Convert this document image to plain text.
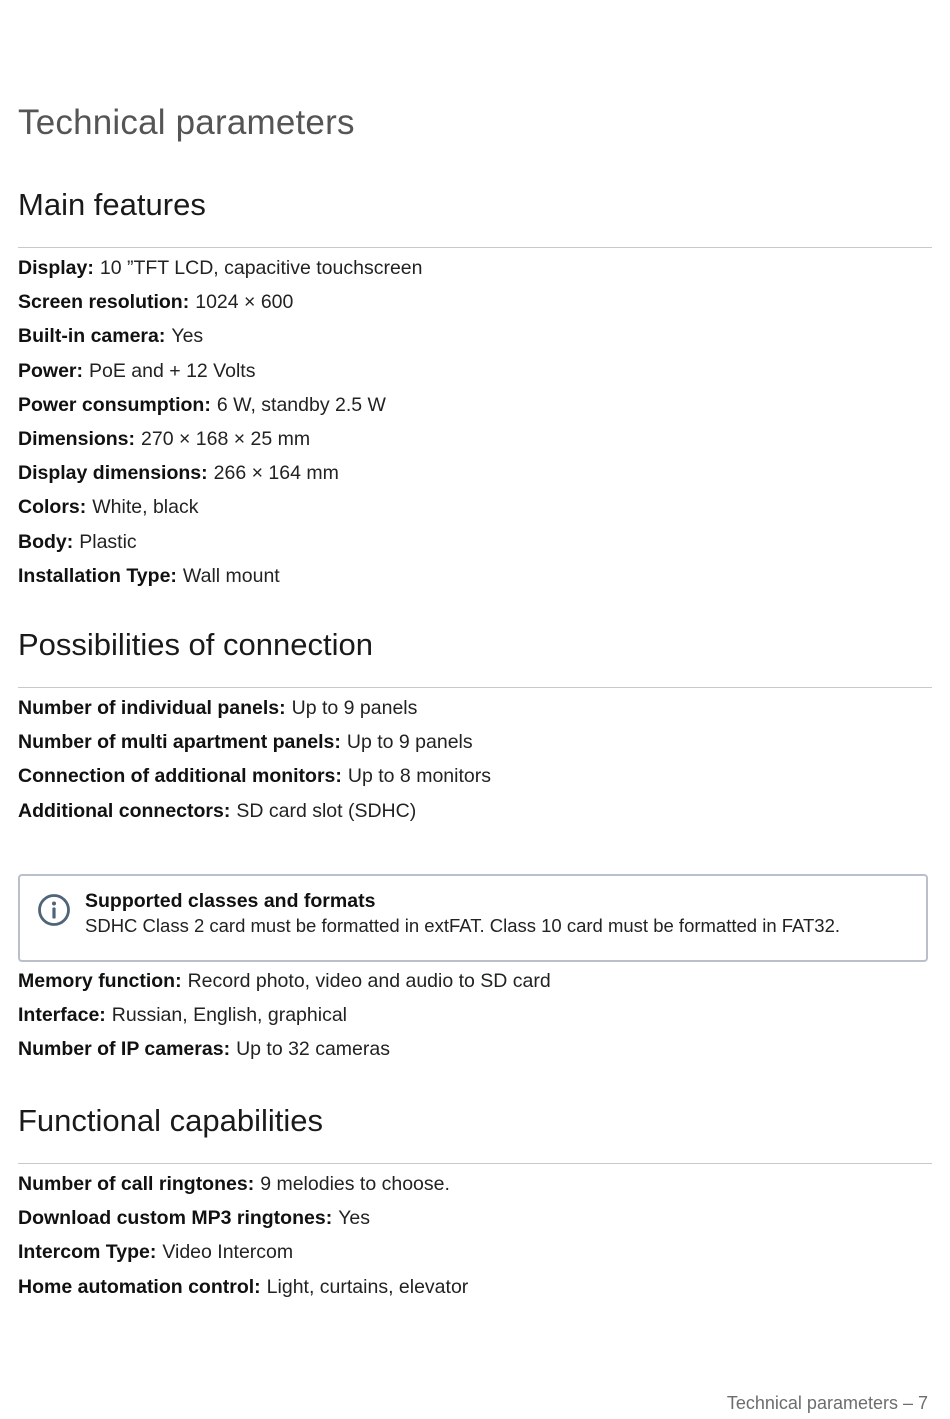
Technical parameters
Main features
Display : 10 ”TFT LCD, capacitive touchscreen
Screen resolution : 1024 × 600
Built-in camera : Yes
Power : PoE and + 12 Volts
Power consumption : 6 W, standby 2.5 W
Dimensions : 270 × 168 × 25 mm
Display dimensions : 266 × 164 mm
Colors : White, black
Body : Plastic
Installation Type : Wall mount
Possibilities of connection
Number of individual panels : Up to 9 panels
Number of multi apartment panels : Up to 9 panels
Connection of additional monitors : Up to 8 monitors
Additional connectors : SD card slot (SDHC)
Supported classes and formats
SDHC Class 2 card must be formatted in extFAT. Class 10 card must be formatted in FAT32.
Memory function : Record photo, video and audio to SD card
Interface : Russian, English, graphical
Number of IP cameras : Up to 32 cameras
Functional capabilities
Number of call ringtones : 9 melodies to choose.
Download custom MP3 ringtones : Yes
Intercom Type : Video Intercom
Home automation control : Light, curtains, elevator
Technical parameters – 7
